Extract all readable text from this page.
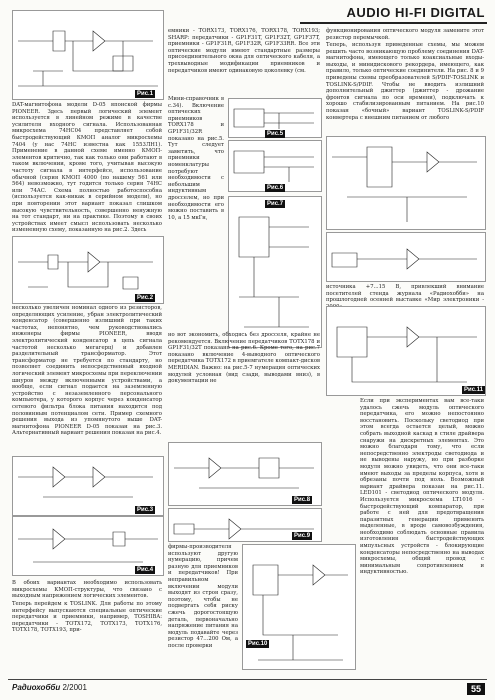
AUDIO HI-FI DIGITAL
Рис.1
DAT-магнитофона модели D-05 японской фирмы PIONEER. Здесь первый логический элемент используется в линейном режиме в качестве усилителя входного сигнала. Использованная микросхема 74HC04 представляет собой быстродействующий КМОП аналог микросхемы 7404 (у нас 74HC известна как 1553ЛН1). Применение в данной схеме именно КМОП-элементов критично, так как только они работают в таком включении, кроме того, учитывая высокую частоту сигнала в интерфейсе, использование обычной (серия КМОП 4000 (по нашему 561 или 564) невозможно, тут годится только серия 74HC или 74AC. Схема полностью работоспособна (используется как-никак в серийном модели), но при повторении этот вариант показал слишком высокую чувствительность, совершенно ненужную на тот стандарт, ни на практике. Поэтому в своих устройствах имеет смысл использовать несколько измененную схему, показанную на рис.2. Здесь
Рис.2
несколько увеличен номинал одного из резисторов, определяющих усиление, убран электролитический конденсатор (совершенно излишний при таких частотах, непонятно, чем руководствовались инженеры фирмы PIONEER, вводя электролитический конденсатор в цепь сигнала частотой несколько мегагерц) и добавлен разделительный трансформатор. Этот трансформатор не требуется по стандарту, но позволяет соединить непосредственный входной логический элемент микросхемы при переключении шнуров между включенными устройствами, а вообще, если сигнал подается на заземленную устройство с незаземленного персонального компьютера, у которого корпус через конденсатор сетевого фильтра блока питания находится под половинным потенциалом сети. Пример схемного решения выхода из упомянутого выше DAT-магнитофона PIONEER D-05 показан на рис.3. Альтернативный вариант решения показан на рис.4.
Рис.3
Рис.4
В обоих вариантах необходимо использовать микросхемы КМОП-структуры, что связано с выходным напряжением логических элементов.
Теперь перейдем к TOSLINK. Для работы по этому интерфейсу выпускаются специальные оптические передатчики и приемники, например, TOSHIBA: передатчики - TOTX172, TOTX173, TOTX176, TOTX178, TOTX193, при-
емники - TORX173, TORX176, TORX178, TORX193; SHARP: передатчики - GP1F31T, GP1F32T, GP1F37T, приемники - GP1F31R, GP1F32R, GP1F33RR. Все эти оптические модули имеют стандартные размеры присоединительного окна для оптического кабеля, а трехвыводные модификации приемников и передатчиков имеют одинаковую цоколевку (см.
Мини-справочник в с.34). Включение оптических приемников TORX178 и GP1F31/32R показано на рис.5. Тут следует заметить, что приемники номенклатуры потребуют необходимости с небольшим индуктивным дросселем, но при необходимости его можно поставить в 10, а 15 мкГн,
Рис.5
Рис.6
Рис.7
но вот экономить, обходясь без дросселя, крайне не рекомендуется. Включение передатчиков TOTX178 и GP1F31/32T показано на рис.6. Кроме того, на рис.7 показано включение 4-выводного оптического передатчика TOTX172 в приемгателе компакт-дисков MERIDIAN. Важно: на рис.5-7 нумерация оптических модулей условная (вид сзади, выводами вниз), в документации не
Рис.8
Рис.9
фирмы-производителя используют другую нумерацию, причем разную для приемников и передатчиков! При неправильном включении модули выходят из строя сразу, поэтому, чтобы не подвергать себя риску сжечь дорогостоящую деталь, первоначально напряжение питания на модуль подавайте через резистор 47...200 Ом, а после проверки	Рис.10
функционирования оптического модуля замените этот резистор перемычкой.
Теперь, используя приведенные схемы, мы можем решить часто возникающую проблему соединения DAT-магнитофона, имеющего только коаксиальные входы-выходы, и минидискового рекордера, имеющего, как правило, только оптические соединители. На рис. 8 и 9 приведены схемы преобразователей S/PDIF-TOSLINK и TOSLINK-S/PDIF. Чтобы не вводить излишний дополнительный джиттер (джиттер - дрожание фронтов сигнала по оси времени), подключать к хорошо стабилизированным питанием. На рис.10 показан «бочный» вариант TOSLINK-S/PDIF конвертера с внешним питанием от любого
источника +7...15 В, привлекший внимание посетителей стенда журнала «Радиохобби» на прошлогодней осенней выставке «Мир электроники -
Рис.11
Если при экспериментах вам все-таки удалось сжечь модуль оптического передатчика, его можно непостоянно восстановить. Поскольку светодиод при этом всегда остается целый, можно собрать выходной каскад в стиле драйвера снаружи на дискретных элементах. Это можно благодаря тому, что если непосредственно электроды светодиода и не выводены наружу, но при разборке модуля можно увидеть, что они все-таки имеют выходы за пределы корпуса, хотя и обрезаны почти под ноль. Возможный вариант драйвера показан на рис.11. LED101 - светодиод оптического модуля. Используется микросхема LT1016 - быстродействующий компаратор, при работе с ней для предотвращения паразитных генерации применять выделенные, в вроде самовозбуждения, необходимо соблюдать основные правила изготовления быстродействующих импульсных устройств - блокирующие конденсаторы непосредственно на выводах микросхемы, общий провод с минимальным сопротивлением и индуктивностью.
Радиохобби 2/2001	55
